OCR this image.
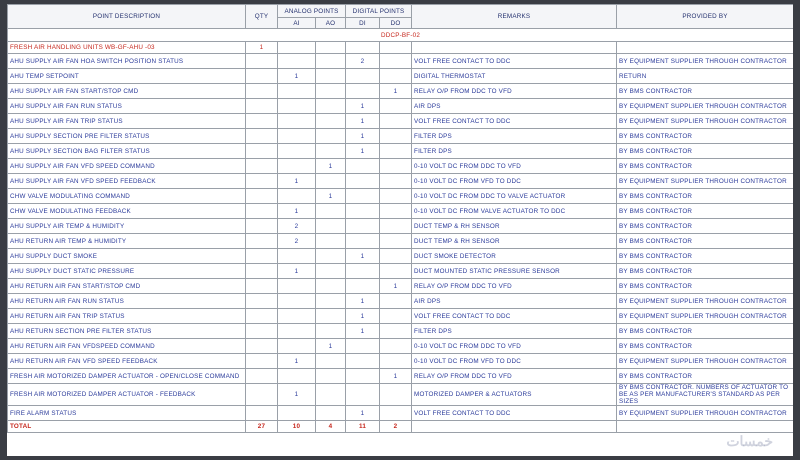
POINT DESCRIPTION	QTY	ANALOG POINTS		DIGITAL POINTS		REMARKS	PROVIDED BY
		AI	AO	DI	DO		
DDCP-BF-02							
FRESH AIR HANDLING UNITS WB-GF-AHU -03	1						
AHU SUPPLY AIR FAN HOA SWITCH POSITION STATUS				2		VOLT FREE CONTACT TO DDC	BY EQUIPMENT SUPPLIER THROUGH CONTRACTOR
AHU TEMP SETPOINT		1				DIGITAL THERMOSTAT	RETURN
AHU SUPPLY AIR FAN START/STOP CMD					1	RELAY O/P FROM DDC TO VFD	BY BMS CONTRACTOR
AHU SUPPLY AIR FAN RUN STATUS				1		AIR DPS	BY EQUIPMENT SUPPLIER THROUGH CONTRACTOR
AHU SUPPLY AIR FAN TRIP STATUS				1		VOLT FREE CONTACT TO DDC	BY EQUIPMENT SUPPLIER THROUGH CONTRACTOR
AHU SUPPLY SECTION PRE FILTER STATUS				1		FILTER DPS	BY BMS CONTRACTOR
AHU SUPPLY SECTION BAG FILTER STATUS				1		FILTER DPS	BY BMS CONTRACTOR
AHU SUPPLY AIR FAN VFD SPEED COMMAND			1			0-10 VOLT DC FROM DDC TO VFD	BY BMS CONTRACTOR
AHU SUPPLY AIR FAN VFD SPEED FEEDBACK		1				0-10 VOLT DC FROM VFD TO DDC	BY EQUIPMENT SUPPLIER THROUGH CONTRACTOR
CHW VALVE MODULATING COMMAND			1			0-10 VOLT DC FROM DDC TO VALVE ACTUATOR	BY BMS CONTRACTOR
CHW VALVE MODULATING FEEDBACK		1				0-10 VOLT DC FROM VALVE ACTUATOR TO DDC	BY BMS CONTRACTOR
AHU SUPPLY AIR TEMP & HUMIDITY		2				DUCT TEMP & RH SENSOR	BY BMS CONTRACTOR
AHU RETURN AIR TEMP & HUMIDITY		2				DUCT TEMP & RH SENSOR	BY BMS CONTRACTOR
AHU SUPPLY DUCT SMOKE				1		DUCT SMOKE DETECTOR	BY BMS CONTRACTOR
AHU SUPPLY DUCT STATIC PRESSURE		1				DUCT MOUNTED STATIC PRESSURE SENSOR	BY BMS CONTRACTOR
AHU RETURN AIR FAN START/STOP CMD					1	RELAY O/P FROM DDC TO VFD	BY BMS CONTRACTOR
AHU RETURN AIR FAN RUN STATUS				1		AIR DPS	BY EQUIPMENT SUPPLIER THROUGH CONTRACTOR
AHU RETURN AIR FAN TRIP STATUS				1		VOLT FREE CONTACT TO DDC	BY EQUIPMENT SUPPLIER THROUGH CONTRACTOR
AHU RETURN SECTION PRE FILTER STATUS				1		FILTER DPS	BY BMS CONTRACTOR
AHU RETURN AIR FAN VFDSPEED COMMAND			1			0-10 VOLT DC FROM DDC TO VFD	BY BMS CONTRACTOR
AHU RETURN AIR FAN VFD SPEED FEEDBACK		1				0-10 VOLT DC FROM VFD TO DDC	BY EQUIPMENT SUPPLIER THROUGH CONTRACTOR
FRESH AIR MOTORIZED DAMPER ACTUATOR - OPEN/CLOSE COMMAND					1	RELAY O/P FROM DDC TO VFD	BY BMS CONTRACTOR
FRESH AIR MOTORIZED DAMPER ACTUATOR - FEEDBACK		1				MOTORIZED DAMPER & ACTUATORS	BY BMS CONTRACTOR. NUMBERS OF ACTUATOR TO BE AS PER MANUFACTURER'S STANDARD AS PER SIZES
FIRE ALARM STATUS				1		VOLT FREE CONTACT TO DDC	BY EQUIPMENT SUPPLIER THROUGH CONTRACTOR
TOTAL	27	10	4	11	2		
خمسات
